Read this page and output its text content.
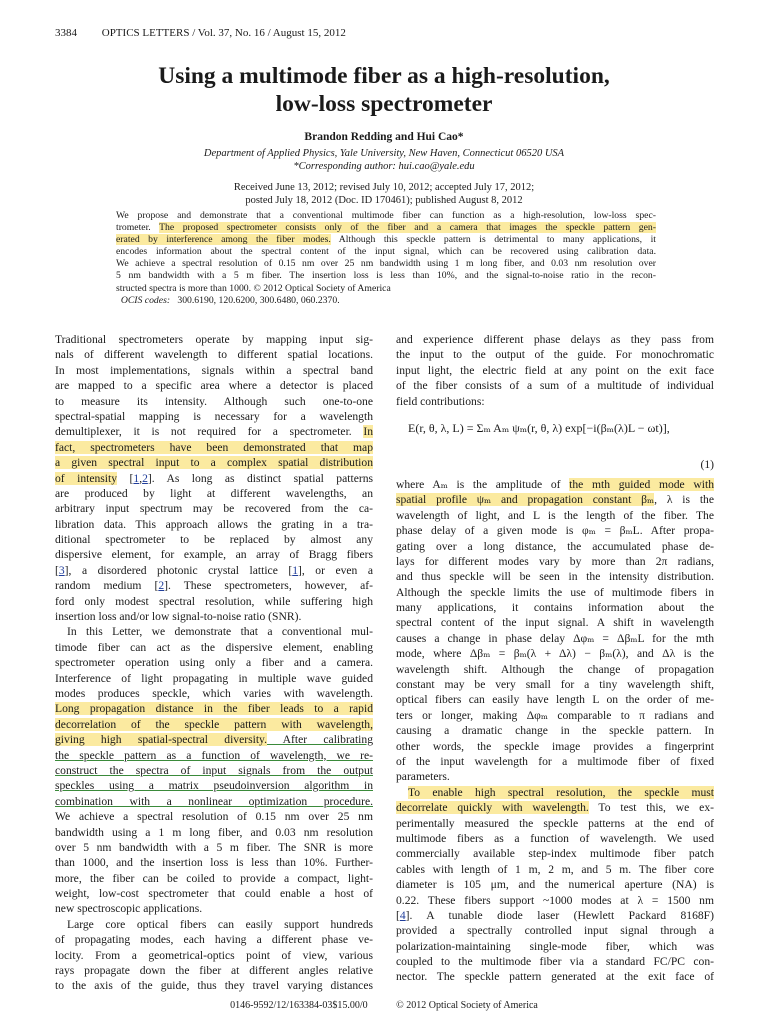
3384 OPTICS LETTERS / Vol. 37, No. 16 / August 15, 2012
Using a multimode fiber as a high-resolution,
low-loss spectrometer
Brandon Redding and Hui Cao*
Department of Applied Physics, Yale University, New Haven, Connecticut 06520 USA
*Corresponding author: hui.cao@yale.edu
Received June 13, 2012; revised July 10, 2012; accepted July 17, 2012;
posted July 18, 2012 (Doc. ID 170461); published August 8, 2012
We propose and demonstrate that a conventional multimode fiber can function as a high-resolution, low-loss spec-
trometer. The proposed spectrometer consists only of the fiber and a camera that images the speckle pattern gen-
erated by interference among the fiber modes. Although this speckle pattern is detrimental to many applications, it
encodes information about the spectral content of the input signal, which can be recovered using calibration data.
We achieve a spectral resolution of 0.15 nm over 25 nm bandwidth using 1 m long fiber, and 0.03 nm resolution over
5 nm bandwidth with a 5 m fiber. The insertion loss is less than 10%, and the signal-to-noise ratio in the recon-
structed spectra is more than 1000. © 2012 Optical Society of America
OCIS codes: 300.6190, 120.6200, 300.6480, 060.2370.
Traditional spectrometers operate by mapping input sig-
nals of different wavelength to different spatial locations.
In most implementations, signals within a spectral band
are mapped to a specific area where a detector is placed
to measure its intensity. Although such one-to-one
spectral-spatial mapping is necessary for a wavelength
demultiplexer, it is not required for a spectrometer. In
fact, spectrometers have been demonstrated that map
a given spectral input to a complex spatial distribution
of intensity [1,2]. As long as distinct spatial patterns
are produced by light at different wavelengths, an
arbitrary input spectrum may be recovered from the ca-
libration data. This approach allows the grating in a tra-
ditional spectrometer to be replaced by almost any
dispersive element, for example, an array of Bragg fibers
[3], a disordered photonic crystal lattice [1], or even a
random medium [2]. These spectrometers, however, af-
ford only modest spectral resolution, while suffering high
insertion loss and/or low signal-to-noise ratio (SNR).
In this Letter, we demonstrate that a conventional mul-
timode fiber can act as the dispersive element, enabling
spectrometer operation using only a fiber and a camera.
Interference of light propagating in multiple wave guided
modes produces speckle, which varies with wavelength.
Long propagation distance in the fiber leads to a rapid
decorrelation of the speckle pattern with wavelength,
giving high spatial-spectral diversity. After calibrating
the speckle pattern as a function of wavelength, we re-
construct the spectra of input signals from the output
speckles using a matrix pseudoinversion algorithm in
combination with a nonlinear optimization procedure.
We achieve a spectral resolution of 0.15 nm over 25 nm
bandwidth using a 1 m long fiber, and 0.03 nm resolution
over 5 nm bandwidth with a 5 m fiber. The SNR is more
than 1000, and the insertion loss is less than 10%. Further-
more, the fiber can be coiled to provide a compact, light-
weight, low-cost spectrometer that could enable a host of
new spectroscopic applications.
Large core optical fibers can easily support hundreds
of propagating modes, each having a different phase ve-
locity. From a geometrical-optics point of view, various
rays propagate down the fiber at different angles relative
to the axis of the guide, thus they travel varying distances
and experience different phase delays as they pass from
the input to the output of the guide. For monochromatic
input light, the electric field at any point on the exit face
of the fiber consists of a sum of a multitude of individual
field contributions:
E(r, θ, λ, L) = Σₘ Aₘ ψₘ(r, θ, λ) exp[−i(βₘ(λ)L − ωt)],
(1)
where Aₘ is the amplitude of the mth guided mode with
spatial profile ψₘ and propagation constant βₘ, λ is the
wavelength of light, and L is the length of the fiber. The
phase delay of a given mode is φₘ = βₘL. After propa-
gating over a long distance, the accumulated phase de-
lays for different modes vary by more than 2π radians,
and thus speckle will be seen in the intensity distribution.
Although the speckle limits the use of multimode fibers in
many applications, it contains information about the
spectral content of the input signal. A shift in wavelength
causes a change in phase delay Δφₘ = ΔβₘL for the mth
mode, where Δβₘ = βₘ(λ + Δλ) − βₘ(λ), and Δλ is the
wavelength shift. Although the change of propagation
constant may be very small for a tiny wavelength shift,
optical fibers can easily have length L on the order of me-
ters or longer, making Δφₘ comparable to π radians and
causing a dramatic change in the speckle pattern. In
other words, the speckle image provides a fingerprint
of the input wavelength for a multimode fiber of fixed
parameters.
To enable high spectral resolution, the speckle must
decorrelate quickly with wavelength. To test this, we ex-
perimentally measured the speckle patterns at the end of
multimode fibers as a function of wavelength. We used
commercially available step-index multimode fiber patch
cables with length of 1 m, 2 m, and 5 m. The fiber core
diameter is 105 μm, and the numerical aperture (NA) is
0.22. These fibers support ~1000 modes at λ = 1500 nm
[4]. A tunable diode laser (Hewlett Packard 8168F)
provided a spectrally controlled input signal through a
polarization-maintaining single-mode fiber, which was
coupled to the multimode fiber via a standard FC/PC con-
nector. The speckle pattern generated at the exit face of
0146-9592/12/163384-03$15.00/0	© 2012 Optical Society of America
